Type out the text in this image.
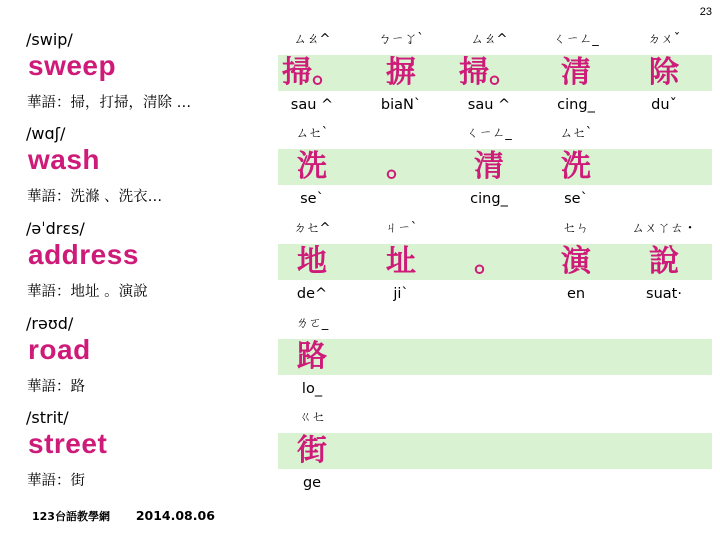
23
/swip/
sweep
華語：掃，打掃，清除 …
ㄙㄠ^
掃。
sau ^
ㄅㄧㆩˋ
摒
biaN`
ㄙㄠ^
掃。
sau ^
ㄑㄧㄥ_
清
cing_
ㄉㄨˇ
除
duˇ
/wɑʃ/
wash
華語：洗滌 、洗衣…
ㄙㆤˋ
洗
se`
。
ㄑㄧㄥ_
清
cing_
ㄙㆤˋ
洗
se`
/əˈdrɛs/
address
華語：地址 。演說
ㄉㆤ^
地
de^
ㄐㄧˋ
址
ji`
。
ㆤㄣ
演
en
ㄙㄨㄚㄊ・
說
suat·
/rəʊd/
road
華語：路
ㄌㄛ_
路
lo_
/strit/
street
華語：街
ㄍㆤ
街
ge
123台語教學網 2014.08.06
